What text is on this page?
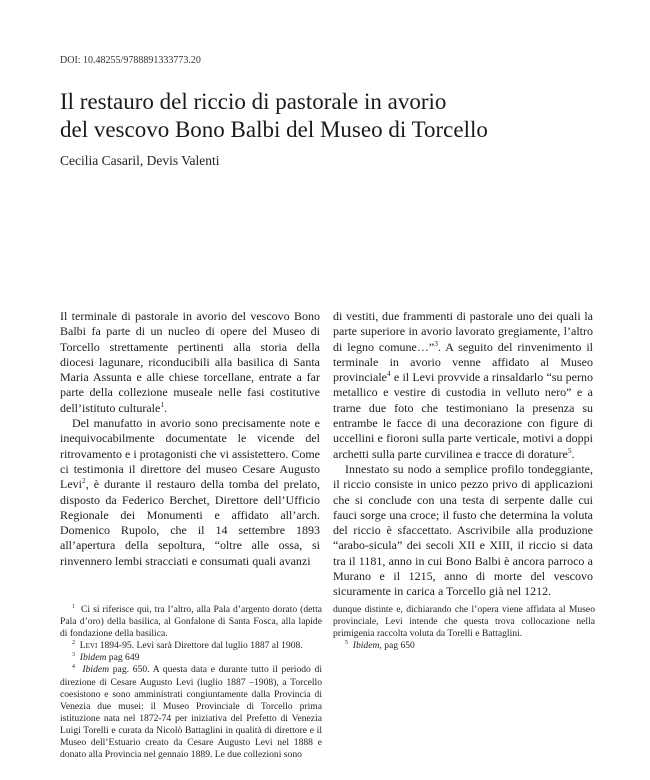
DOI: 10.48255/9788891333773.20
Il restauro del riccio di pastorale in avorio
del vescovo Bono Balbi del Museo di Torcello
Cecilia Casaril, Devis Valenti

Il terminale di pastorale in avorio del vescovo Bono Balbi fa parte di un nucleo di opere del Museo di Torcello strettamente pertinenti alla storia della diocesi lagunare, riconducibili alla basilica di Santa Maria Assunta e alle chiese torcellane, entrate a far parte della collezione museale nelle fasi costitutive dell’istituto culturale$^1$.

Del manufatto in avorio sono precisamente note e inequivocabilmente documentate le vicende del ritrovamento e i protagonisti che vi assistettero. Come ci testimonia il direttore del museo Cesare Augusto Levi$^2$, è durante il restauro della tomba del prelato, disposto da Federico Berchet, Direttore dell’Ufficio Regionale dei Monumenti e affidato all’arch. Domenico Rupolo, che il 14 settembre 1893 all’apertura della sepoltura, “oltre alle ossa, si rinvennero lembi stracciati e consumati quali avanzi

di vestiti, due frammenti di pastorale uno dei quali la parte superiore in avorio lavorato gregiamente, l’altro di legno comune…”$^3$. A seguito del rinvenimento il terminale in avorio venne affidato al Museo provinciale$^4$ e il Levi provvide a rinsaldarlo “su perno metallico e vestire di custodia in velluto nero” e a trarne due foto che testimoniano la presenza su entrambe le facce di una decorazione con figure di uccellini e fioroni sulla parte verticale, motivi a doppi archetti sulla parte curvilinea e tracce di dorature$^5$.

Innestato su nodo a semplice profilo tondeggiante, il riccio consiste in unico pezzo privo di applicazioni che si conclude con una testa di serpente dalle cui fauci sorge una croce; il fusto che determina la voluta del riccio è sfaccettato. Ascrivibile alla produzione “arabo-sicula” dei secoli XII e XIII, il riccio si data tra il 1181, anno in cui Bono Balbi è ancora parroco a Murano e il 1215, anno di morte del vescovo sicuramente in carica a Torcello già nel 1212.

$^1$ Ci si riferisce qui, tra l’altro, alla Pala d’argento dorato (detta Pala d’oro) della basilica, al Gonfalone di Santa Fosca, alla lapide di fondazione della basilica.

$^2$ Levi 1894-95. Levi sarà Direttore dal luglio 1887 al 1908.

$^3$ Ibidem pag 649

$^4$ Ibidem pag. 650. A questa data e durante tutto il periodo di direzione di Cesare Augusto Levi (luglio 1887 –1908), a Torcello coesistono e sono amministrati congiuntamente dalla Provincia di Venezia due musei: il Museo Provinciale di Torcello prima istituzione nata nel 1872-74 per iniziativa del Prefetto di Venezia Luigi Torelli e curata da Nicolò Battaglini in qualità di direttore e il Museo dell’Estuario creato da Cesare Augusto Levi nel 1888 e donato alla Provincia nel gennaio 1889. Le due collezioni sono

dunque distinte e, dichiarando che l’opera viene affidata al Museo provinciale, Levi intende che questa trova collocazione nella primigenia raccolta voluta da Torelli e Battaglini.

$^5$ Ibidem, pag 650
